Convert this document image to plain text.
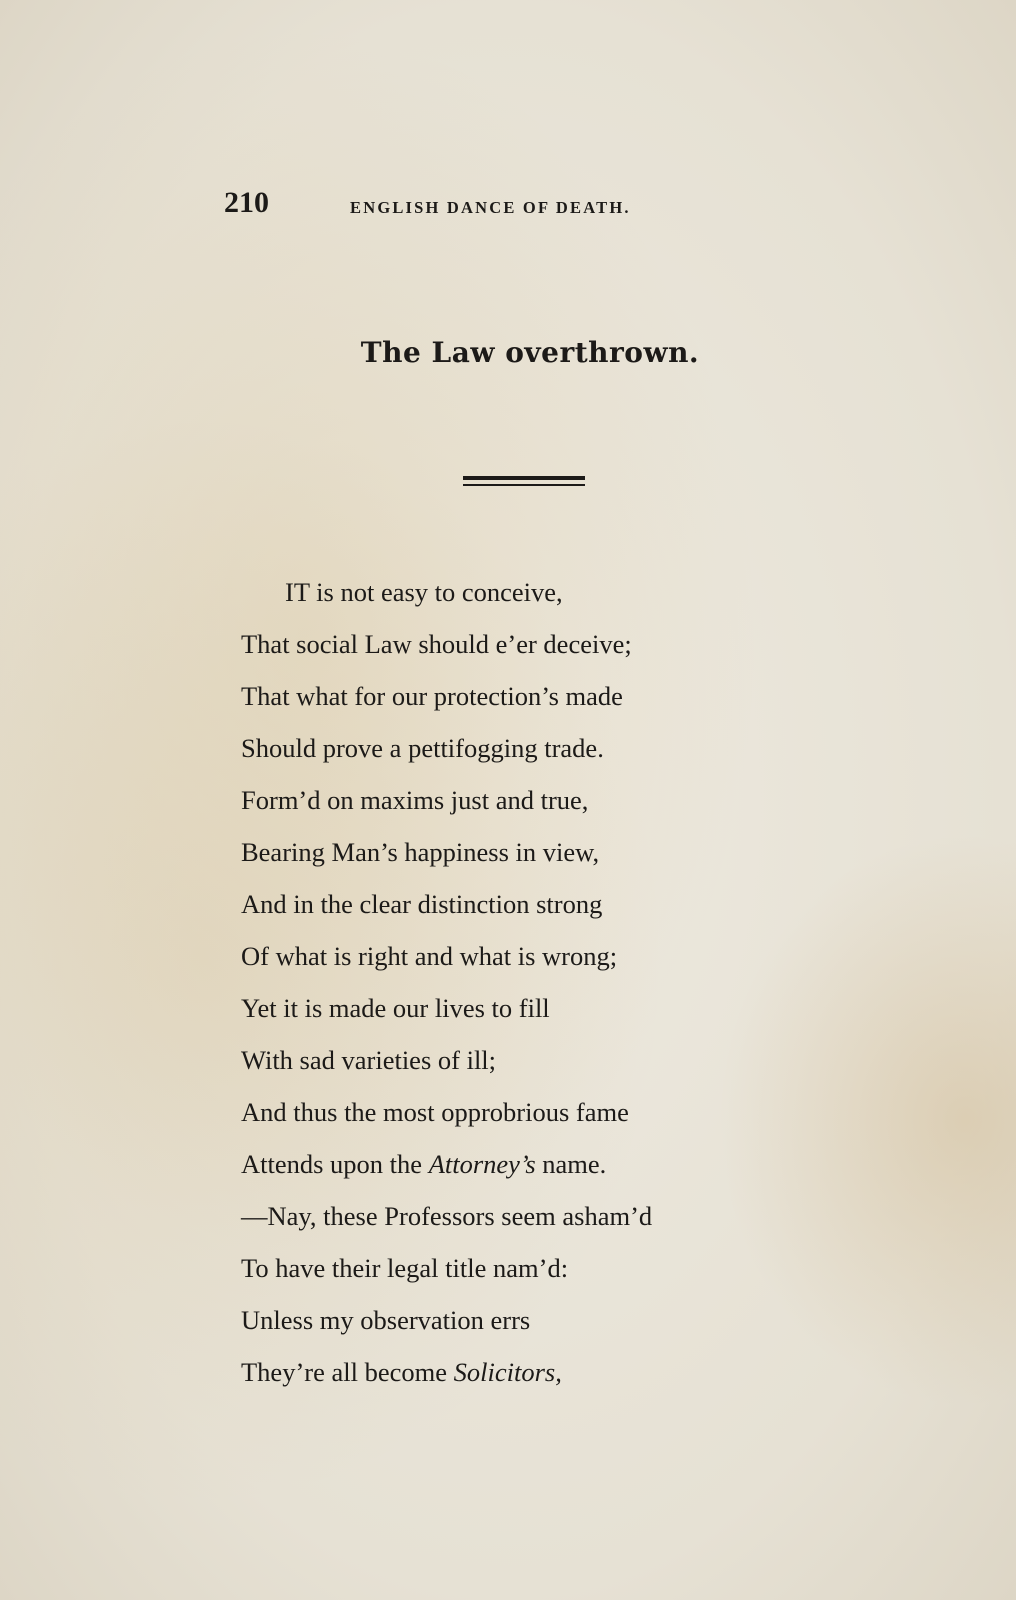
210	ENGLISH DANCE OF DEATH.
The Law overthrown.
IT is not easy to conceive,
That social Law should e’er deceive;
That what for our protection’s made
Should prove a pettifogging trade.
Form’d on maxims just and true,
Bearing Man’s happiness in view,
And in the clear distinction strong
Of what is right and what is wrong;
Yet it is made our lives to fill
With sad varieties of ill;
And thus the most opprobrious fame
Attends upon the Attorney’s name.
—Nay, these Professors seem asham’d
To have their legal title nam’d:
Unless my observation errs
They’re all become Solicitors,
